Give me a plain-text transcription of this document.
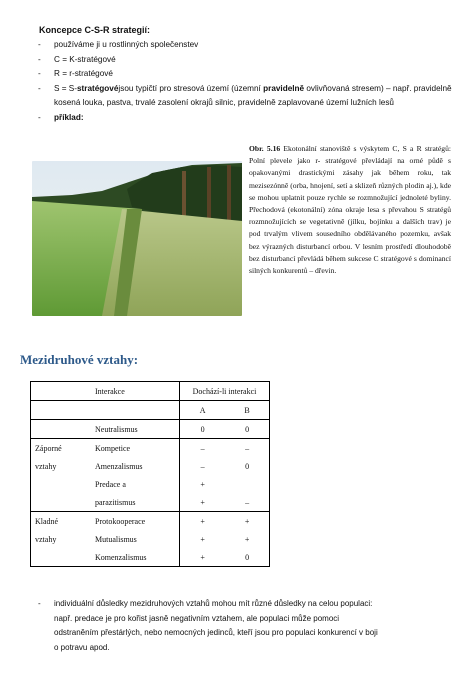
Koncepce C-S-R strategií:
- používáme ji u rostlinných společenstev
- C = K-stratégové
- R = r-stratégové
- S = S-stratégovéjsou typičtí pro stresová území (územní pravidelně ovlivňovaná stresem) – např. pravidelně kosená louka, pastva, trvalé zasolení okrajů silnic, pravidelně zaplavované území lužních lesů
- příklad:
Obr. 5.16 Ekotonální stanoviště s výskytem C, S a R stratégů: Polní plevele jako r- stratégové převládají na orné půdě s opakovanými drastickými zásahy jak během roku, tak mezisezónně (orba, hnojení, setí a sklizeň různých plodin aj.), kde se mohou uplatnit pouze rychle se rozmnožující jednoleté byliny. Přechodová (ekotonální) zóna okraje lesa s převahou S stratégů rozmnožujících se vegetativně (jílku, bojínku a dalších trav) je pod trvalým vlivem sousedního obdělávaného pozemku, avšak bez výrazných disturbancí orbou. V lesním prostředí dlouhodobě bez disturbancí převládá během sukcese C stratégové s dominancí silných konkurentů – dřevin.
Mezidruhové vztahy:
	Interakce	Dochází-li interakci	
		A	B
	Neutralismus	0	0
Záporné	Kompetice	–	–
vztahy	Amenzalismus	–	0
	Predace a	+	
	parazitismus	+	–
Kladné	Protokooperace	+	+
vztahy	Mutualismus	+	+
	Komenzalismus	+	0
- individuální důsledky mezidruhových vztahů mohou mít různé důsledky na celou populaci:
např. predace je pro kořist jasně negativním vztahem, ale populaci může pomoci
odstraněním přestárlých, nebo nemocných jedinců, kteří jsou pro populaci konkurencí v boji
o potravu apod.
